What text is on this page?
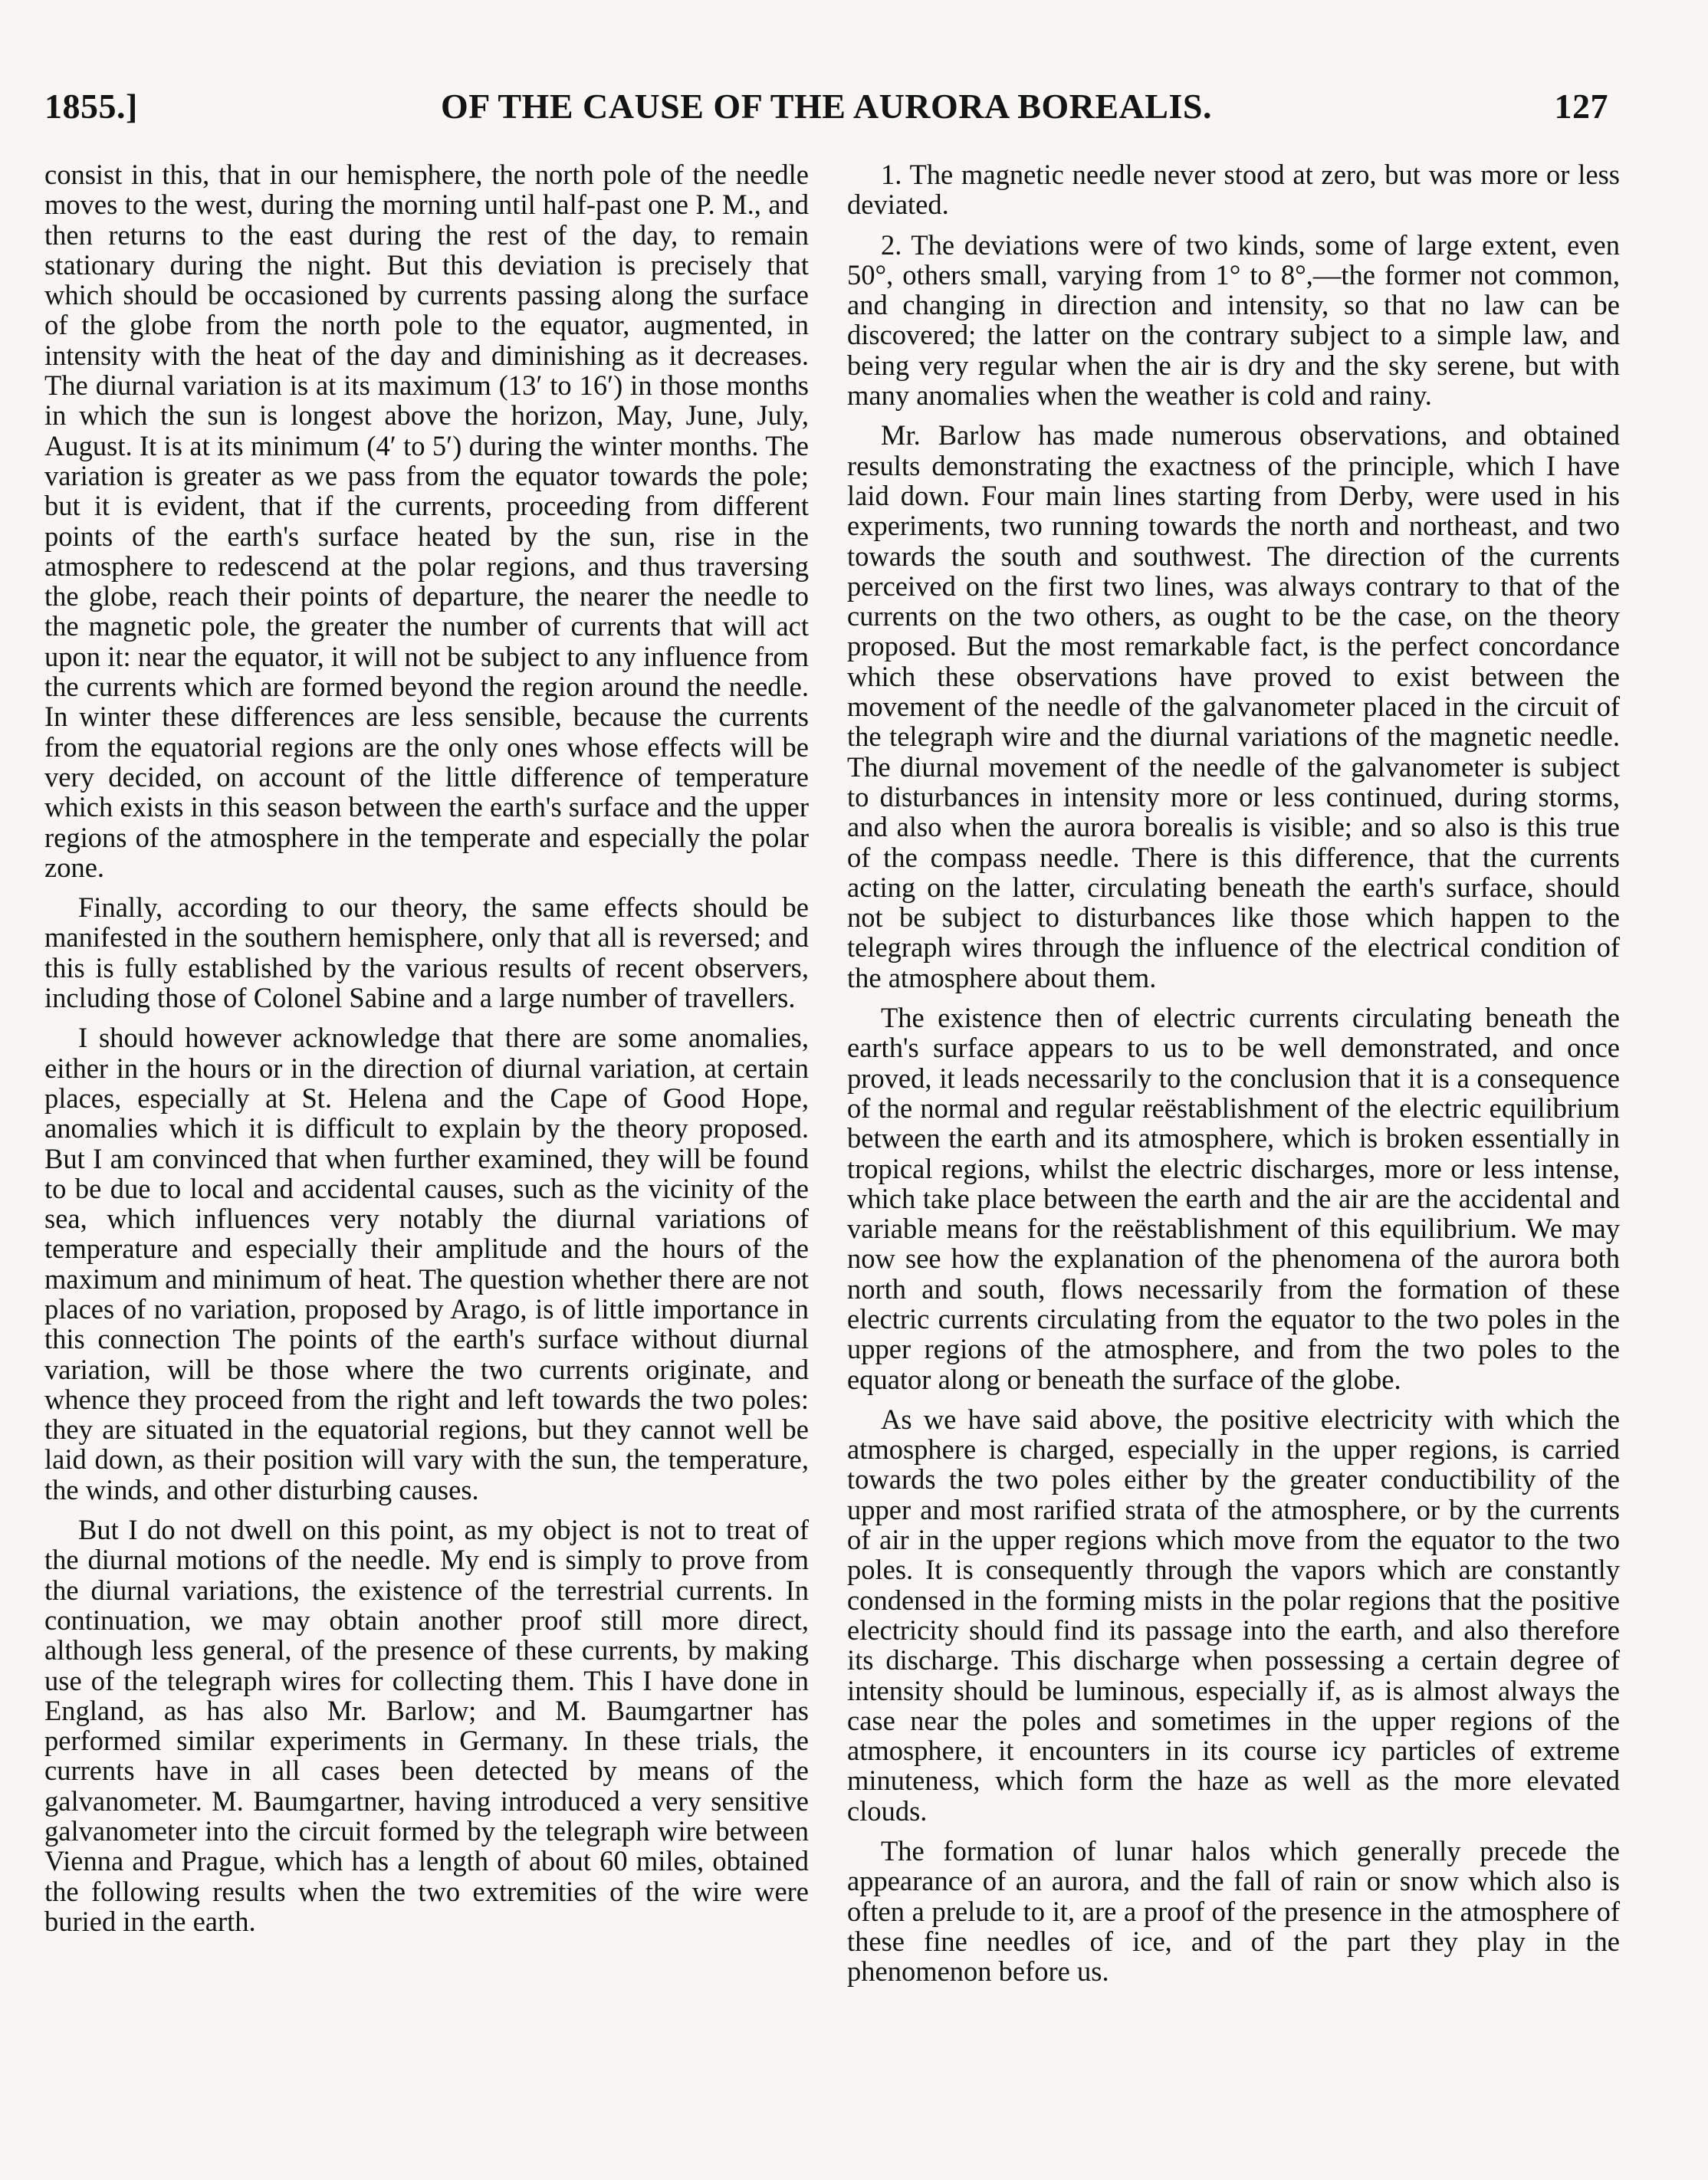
1855.]	OF THE CAUSE OF THE AURORA BOREALIS.	127

consist in this, that in our hemisphere, the north pole of the needle moves to the west, during the morning until half-past one P. M., and then returns to the east during the rest of the day, to remain stationary during the night. But this deviation is precisely that which should be occasioned by currents passing along the surface of the globe from the north pole to the equator, augmented, in intensity with the heat of the day and diminishing as it decreases. The diurnal variation is at its maximum (13′ to 16′) in those months in which the sun is longest above the horizon, May, June, July, August. It is at its minimum (4′ to 5′) during the winter months. The variation is greater as we pass from the equator towards the pole; but it is evident, that if the currents, proceeding from different points of the earth's surface heated by the sun, rise in the atmosphere to redescend at the polar regions, and thus traversing the globe, reach their points of departure, the nearer the needle to the magnetic pole, the greater the number of currents that will act upon it: near the equator, it will not be subject to any influence from the currents which are formed beyond the region around the needle. In winter these differences are less sensible, because the currents from the equatorial regions are the only ones whose effects will be very decided, on account of the little difference of temperature which exists in this season between the earth's surface and the upper regions of the atmosphere in the temperate and especially the polar zone.

Finally, according to our theory, the same effects should be manifested in the southern hemisphere, only that all is reversed; and this is fully established by the various results of recent observers, including those of Colonel Sabine and a large number of travellers.

I should however acknowledge that there are some anomalies, either in the hours or in the direction of diurnal variation, at certain places, especially at St. Helena and the Cape of Good Hope, anomalies which it is difficult to explain by the theory proposed. But I am convinced that when further examined, they will be found to be due to local and accidental causes, such as the vicinity of the sea, which influences very notably the diurnal variations of temperature and especially their amplitude and the hours of the maximum and minimum of heat. The question whether there are not places of no variation, proposed by Arago, is of little importance in this connection The points of the earth's surface without diurnal variation, will be those where the two currents originate, and whence they proceed from the right and left towards the two poles: they are situated in the equatorial regions, but they cannot well be laid down, as their position will vary with the sun, the temperature, the winds, and other disturbing causes.

But I do not dwell on this point, as my object is not to treat of the diurnal motions of the needle. My end is simply to prove from the diurnal variations, the existence of the terrestrial currents. In continuation, we may obtain another proof still more direct, although less general, of the presence of these currents, by making use of the telegraph wires for collecting them. This I have done in England, as has also Mr. Barlow; and M. Baumgartner has performed similar experiments in Germany. In these trials, the currents have in all cases been detected by means of the galvanometer. M. Baumgartner, having introduced a very sensitive galvanometer into the circuit formed by the telegraph wire between Vienna and Prague, which has a length of about 60 miles, obtained the following results when the two extremities of the wire were buried in the earth.

1. The magnetic needle never stood at zero, but was more or less deviated.

2. The deviations were of two kinds, some of large extent, even 50°, others small, varying from 1° to 8°,—the former not common, and changing in direction and intensity, so that no law can be discovered; the latter on the contrary subject to a simple law, and being very regular when the air is dry and the sky serene, but with many anomalies when the weather is cold and rainy.

Mr. Barlow has made numerous observations, and obtained results demonstrating the exactness of the principle, which I have laid down. Four main lines starting from Derby, were used in his experiments, two running towards the north and northeast, and two towards the south and southwest. The direction of the currents perceived on the first two lines, was always contrary to that of the currents on the two others, as ought to be the case, on the theory proposed. But the most remarkable fact, is the perfect concordance which these observations have proved to exist between the movement of the needle of the galvanometer placed in the circuit of the telegraph wire and the diurnal variations of the magnetic needle. The diurnal movement of the needle of the galvanometer is subject to disturbances in intensity more or less continued, during storms, and also when the aurora borealis is visible; and so also is this true of the compass needle. There is this difference, that the currents acting on the latter, circulating beneath the earth's surface, should not be subject to disturbances like those which happen to the telegraph wires through the influence of the electrical condition of the atmosphere about them.

The existence then of electric currents circulating beneath the earth's surface appears to us to be well demonstrated, and once proved, it leads necessarily to the conclusion that it is a consequence of the normal and regular reëstablishment of the electric equilibrium between the earth and its atmosphere, which is broken essentially in tropical regions, whilst the electric discharges, more or less intense, which take place between the earth and the air are the accidental and variable means for the reëstablishment of this equilibrium. We may now see how the explanation of the phenomena of the aurora both north and south, flows necessarily from the formation of these electric currents circulating from the equator to the two poles in the upper regions of the atmosphere, and from the two poles to the equator along or beneath the surface of the globe.

As we have said above, the positive electricity with which the atmosphere is charged, especially in the upper regions, is carried towards the two poles either by the greater conductibility of the upper and most rarified strata of the atmosphere, or by the currents of air in the upper regions which move from the equator to the two poles. It is consequently through the vapors which are constantly condensed in the forming mists in the polar regions that the positive electricity should find its passage into the earth, and also therefore its discharge. This discharge when possessing a certain degree of intensity should be luminous, especially if, as is almost always the case near the poles and sometimes in the upper regions of the atmosphere, it encounters in its course icy particles of extreme minuteness, which form the haze as well as the more elevated clouds.

The formation of lunar halos which generally precede the appearance of an aurora, and the fall of rain or snow which also is often a prelude to it, are a proof of the presence in the atmosphere of these fine needles of ice, and of the part they play in the phenomenon before us.
